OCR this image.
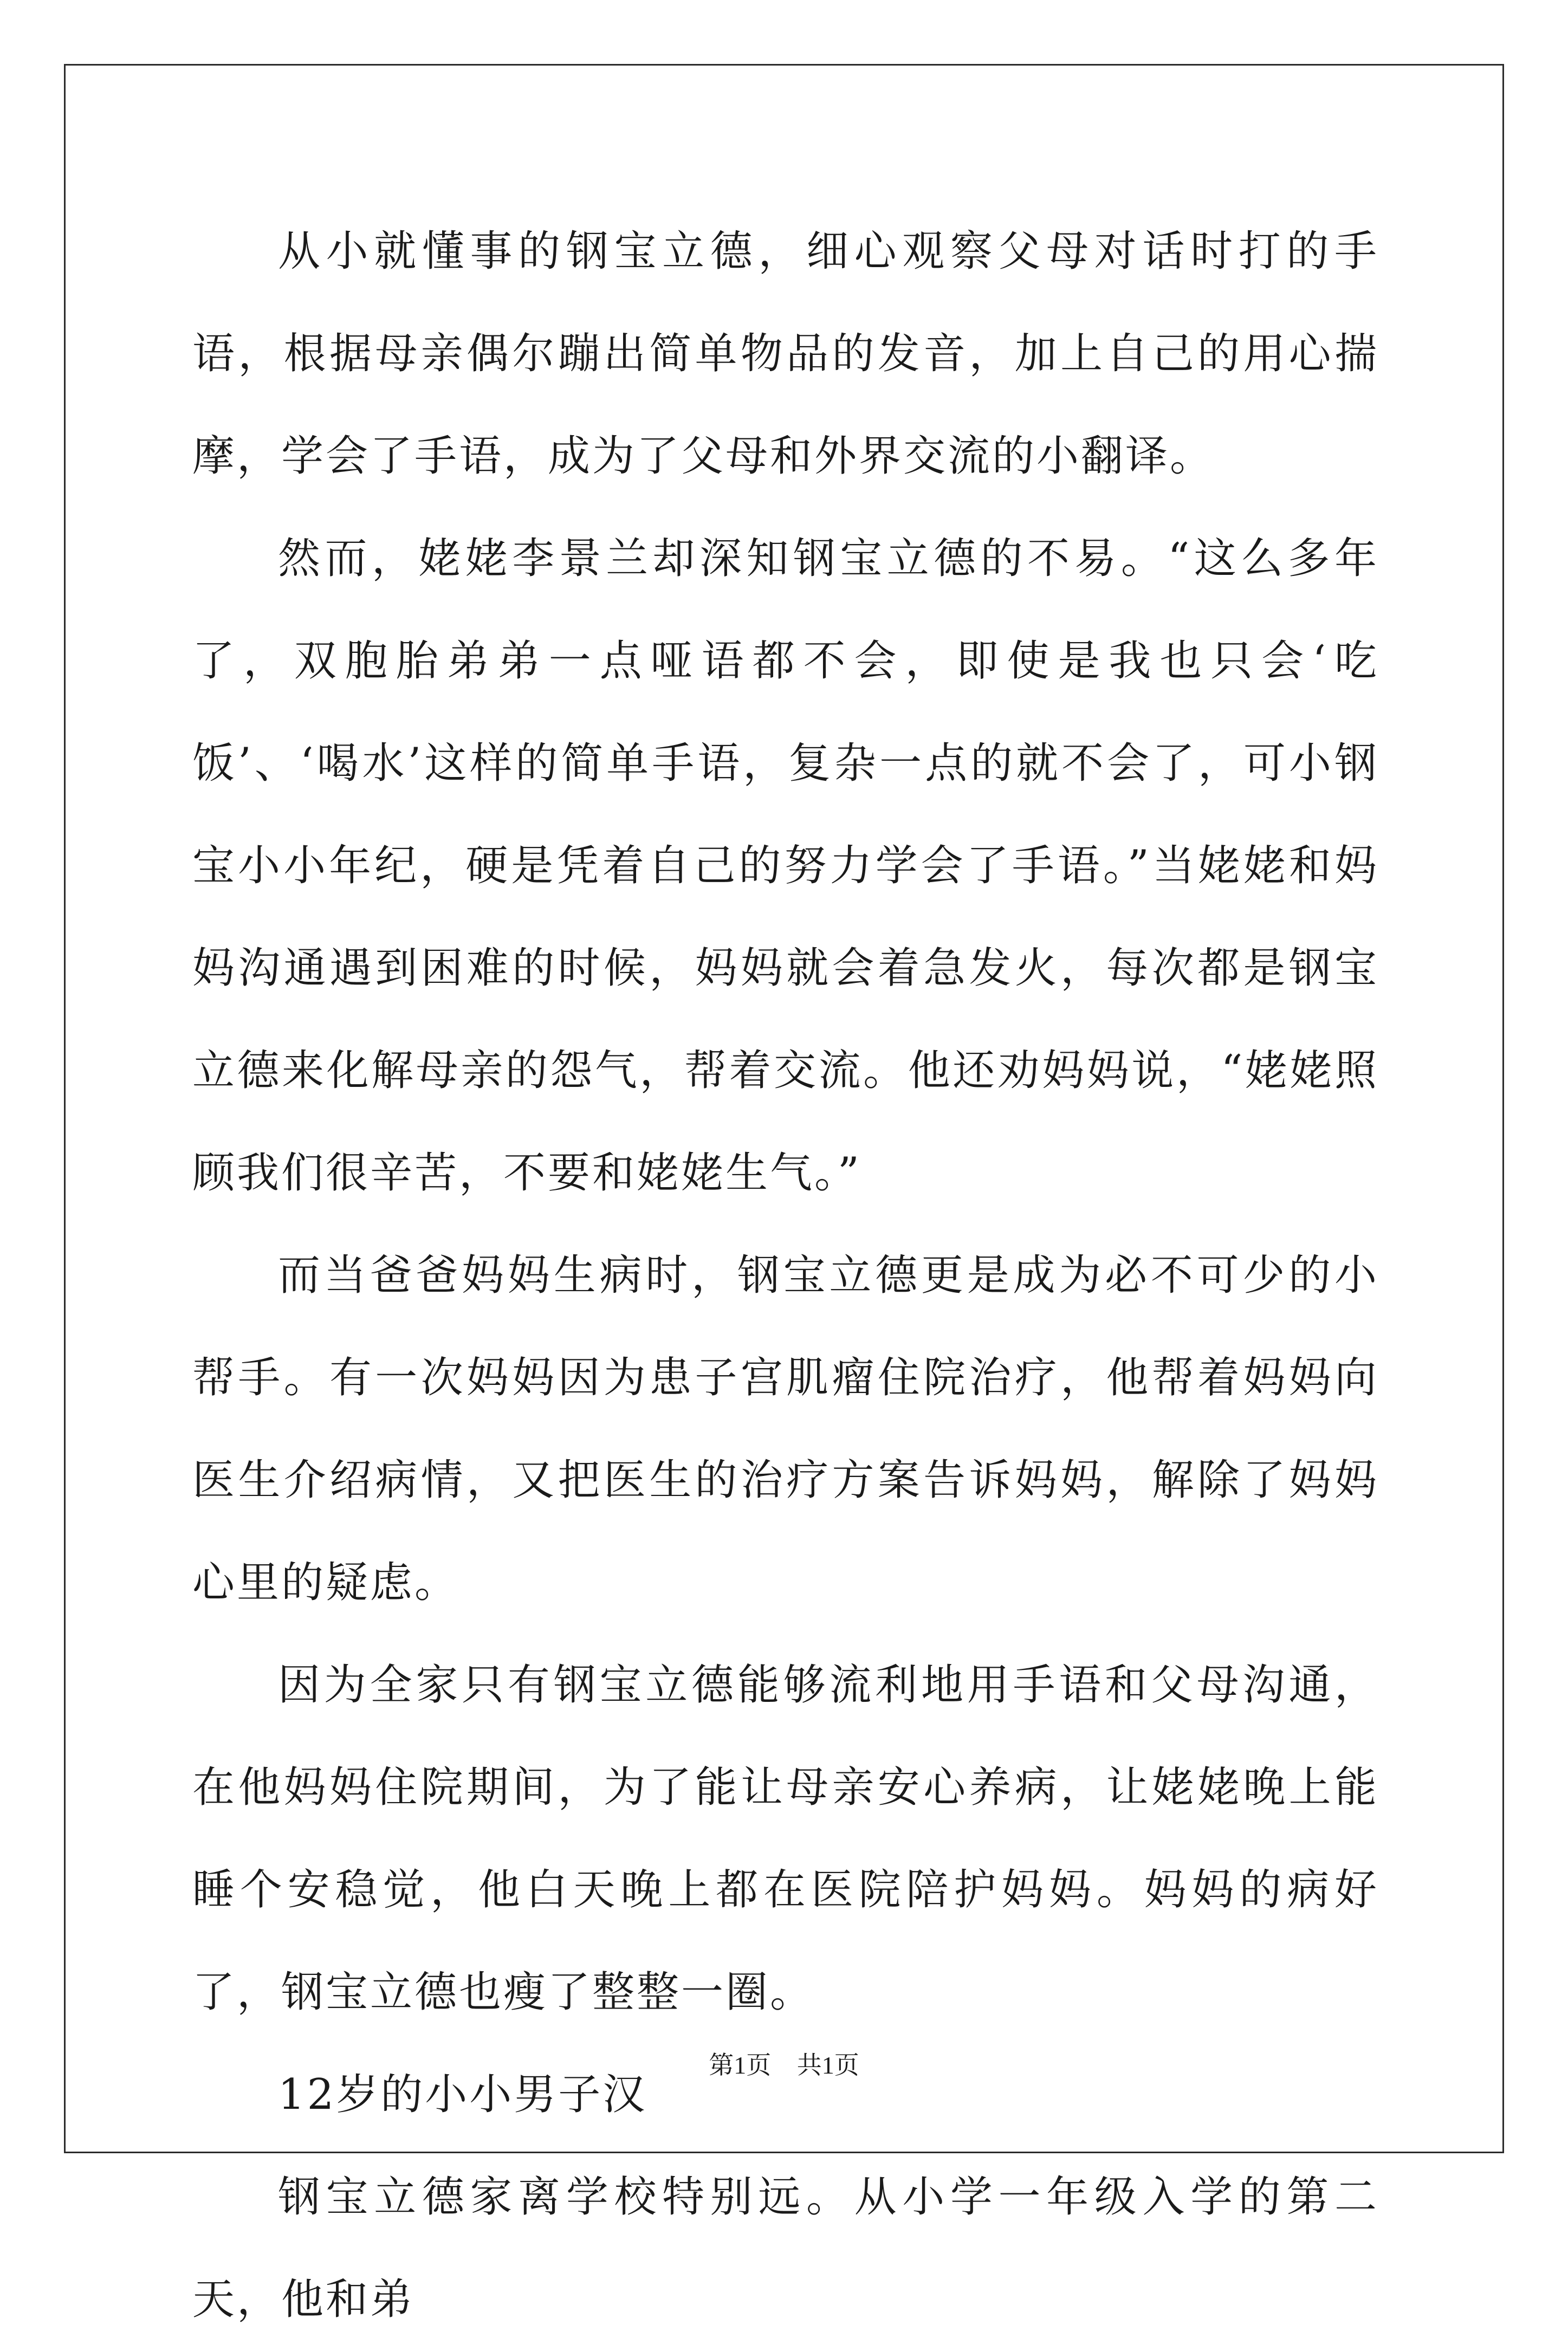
从小就懂事的钢宝立德，细心观察父母对话时打的手语，根据母亲偶尔蹦出简单物品的发音，加上自己的用心揣摩，学会了手语，成为了父母和外界交流的小翻译。

然而，姥姥李景兰却深知钢宝立德的不易。“这么多年了，双胞胎弟弟一点哑语都不会，即使是我也只会‘吃饭’、‘喝水’这样的简单手语，复杂一点的就不会了，可小钢宝小小年纪，硬是凭着自己的努力学会了手语。”当姥姥和妈妈沟通遇到困难的时候，妈妈就会着急发火，每次都是钢宝立德来化解母亲的怨气，帮着交流。他还劝妈妈说，“姥姥照顾我们很辛苦，不要和姥姥生气。”

而当爸爸妈妈生病时，钢宝立德更是成为必不可少的小帮手。有一次妈妈因为患子宫肌瘤住院治疗，他帮着妈妈向医生介绍病情，又把医生的治疗方案告诉妈妈，解除了妈妈心里的疑虑。

因为全家只有钢宝立德能够流利地用手语和父母沟通，在他妈妈住院期间，为了能让母亲安心养病，让姥姥晚上能睡个安稳觉，他白天晚上都在医院陪护妈妈。妈妈的病好了，钢宝立德也瘦了整整一圈。

12岁的小小男子汉

钢宝立德家离学校特别远。从小学一年级入学的第二天，他和弟

第1页 共1页
